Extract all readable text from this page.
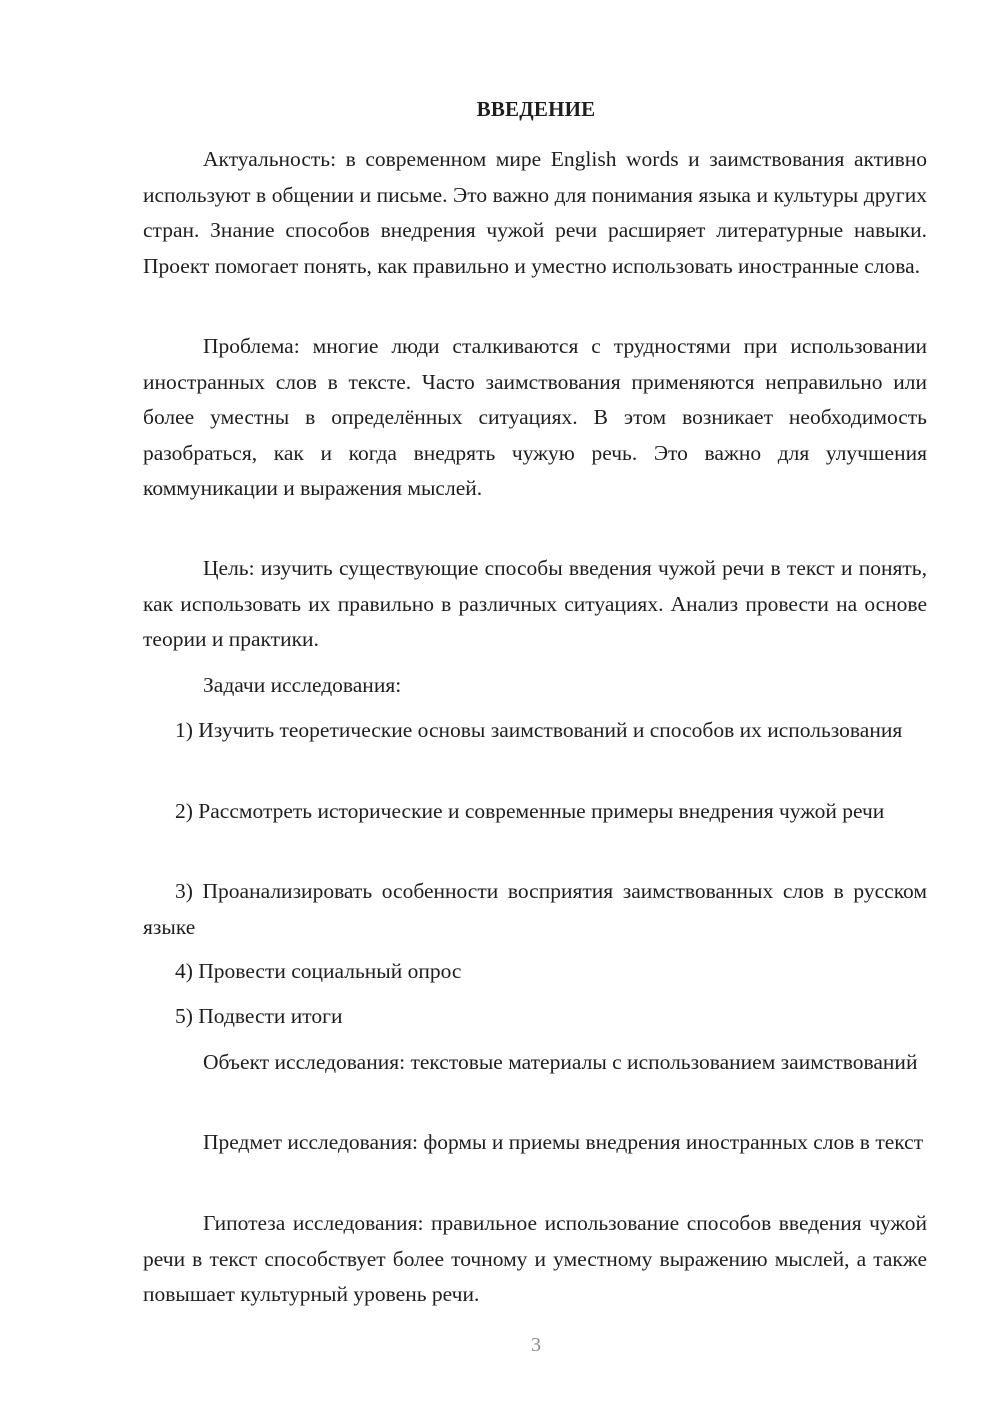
ВВЕДЕНИЕ

Актуальность: в современном мире English words и заимствования активно используют в общении и письме. Это важно для понимания языка и культуры других стран. Знание способов внедрения чужой речи расширяет литературные навыки. Проект помогает понять, как правильно и уместно использовать иностранные слова.

Проблема: многие люди сталкиваются с трудностями при использовании иностранных слов в тексте. Часто заимствования применяются неправильно или более уместны в определённых ситуациях. В этом возникает необходимость разобраться, как и когда внедрять чужую речь. Это важно для улучшения коммуникации и выражения мыслей.

Цель: изучить существующие способы введения чужой речи в текст и понять, как использовать их правильно в различных ситуациях. Анализ провести на основе теории и практики.

Задачи исследования:

1) Изучить теоретические основы заимствований и способов их использования

2) Рассмотреть исторические и современные примеры внедрения чужой речи

3) Проанализировать особенности восприятия заимствованных слов в русском языке

4) Провести социальный опрос

5) Подвести итоги

Объект исследования: текстовые материалы с использованием заимствований

Предмет исследования: формы и приемы внедрения иностранных слов в текст

Гипотеза исследования: правильное использование способов введения чужой речи в текст способствует более точному и уместному выражению мыслей, а также повышает культурный уровень речи.

3
